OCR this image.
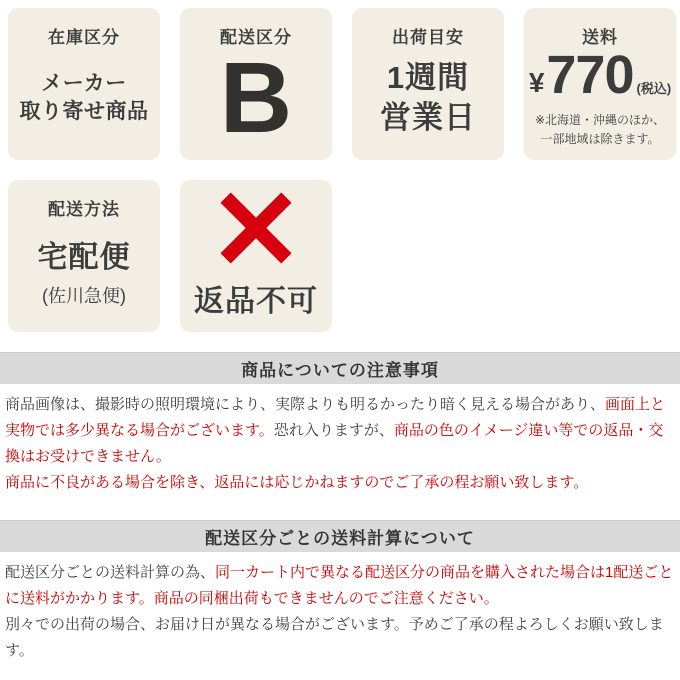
在庫区分
メーカー
取り寄せ商品
配送区分
B
出荷目安
1週間
営業日
送料
¥ 770 (税込)
※北海道・沖縄のほか、
一部地域は除きます。
配送方法
宅配便
(佐川急便) 返品不可
商品についての注意事項

商品画像は、撮影時の照明環境により、実際よりも明るかったり暗く見える場合があり、画面上と実物では多少異なる場合がございます。恐れ入りますが、商品の色のイメージ違い等での返品・交換はお受けできません。

商品に不良がある場合を除き、返品には応じかねますのでご了承の程お願い致します。

配送区分ごとの送料計算について

配送区分ごとの送料計算の為、同一カート内で異なる配送区分の商品を購入された場合は1配送ごとに送料がかかります。商品の同梱出荷もできませんのでご注意ください。

別々での出荷の場合、お届け日が異なる場合がございます。予めご了承の程よろしくお願い致します。
